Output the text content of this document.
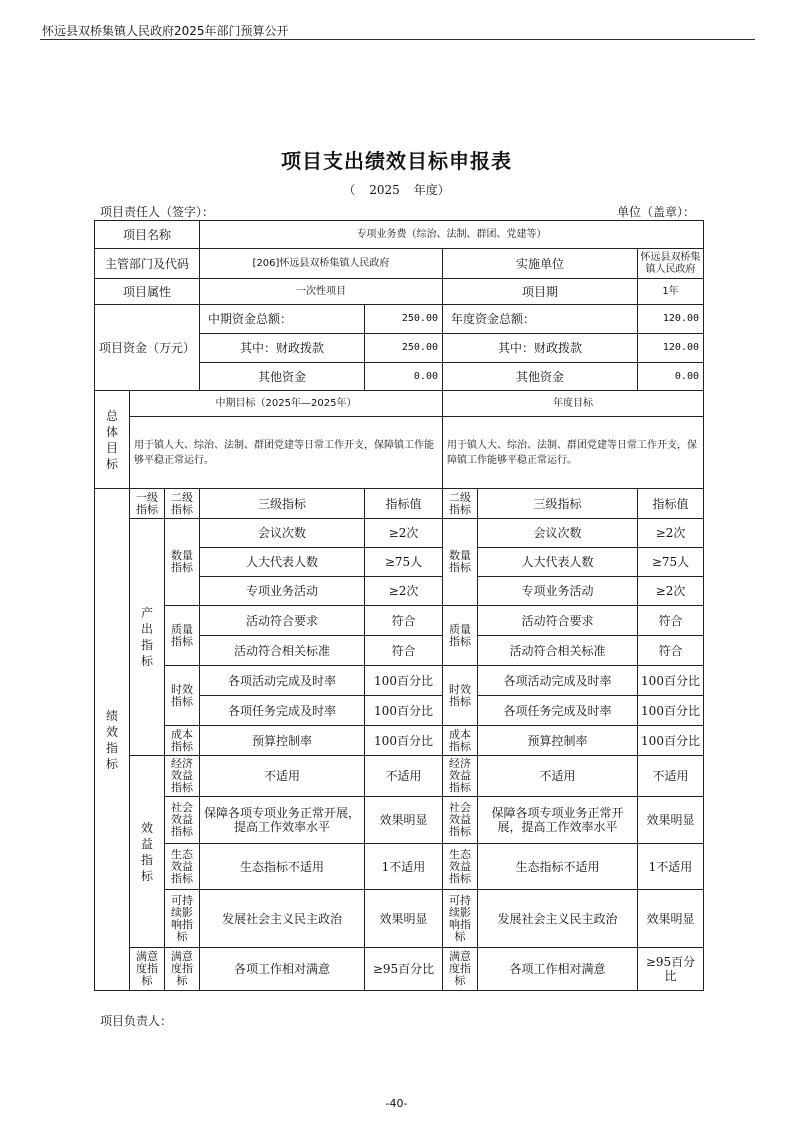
怀远县双桥集镇人民政府2025年部门预算公开
项目支出绩效目标申报表
（ 2025 年度）
项目责任人（签字）：	单位（盖章）：
项目名称			专项业务费（综治、法制、群团、党建等）				
主管部门及代码			[206]怀远县双桥集镇人民政府		实施单位		怀远县双桥集镇人民政府
项目属性			一次性项目		项目期		1年
项目资金（万元）			中期资金总额：	250.00	年度资金总额：		120.00
			其中：财政拨款	250.00	其中：财政拨款		120.00
			其他资金	0.00	其他资金		0.00
总体目标	中期目标（2025年—2025年）				年度目标		
	用于镇人大、综治、法制、群团党建等日常工作开支，保障镇工作能够平稳正常运行。				用于镇人大、综治、法制、群团党建等日常工作开支，保障镇工作能够平稳正常运行。		
绩效指标	一级指标	二级指标	三级指标	指标值	二级指标	三级指标	指标值
	产出指标	数量指标	会议次数	≥2次	数量指标	会议次数	≥2次
			人大代表人数	≥75人		人大代表人数	≥75人
			专项业务活动	≥2次		专项业务活动	≥2次
		质量指标	活动符合要求	符合	质量指标	活动符合要求	符合
			活动符合相关标准	符合		活动符合相关标准	符合
		时效指标	各项活动完成及时率	100百分比	时效指标	各项活动完成及时率	100百分比
			各项任务完成及时率	100百分比		各项任务完成及时率	100百分比
		成本指标	预算控制率	100百分比	成本指标	预算控制率	100百分比
	效益指标	经济效益指标	不适用	不适用	经济效益指标	不适用	不适用
		社会效益指标	保障各项专项业务正常开展，提高工作效率水平	效果明显	社会效益指标	保障各项专项业务正常开展，提高工作效率水平	效果明显
		生态效益指标	生态指标不适用	1不适用	生态效益指标	生态指标不适用	1不适用
		可持续影响指标	发展社会主义民主政治	效果明显	可持续影响指标	发展社会主义民主政治	效果明显
	满意度指标	满意度指标	各项工作相对满意	≥95百分比	满意度指标	各项工作相对满意	≥95百分比
项目负责人：
-40-
